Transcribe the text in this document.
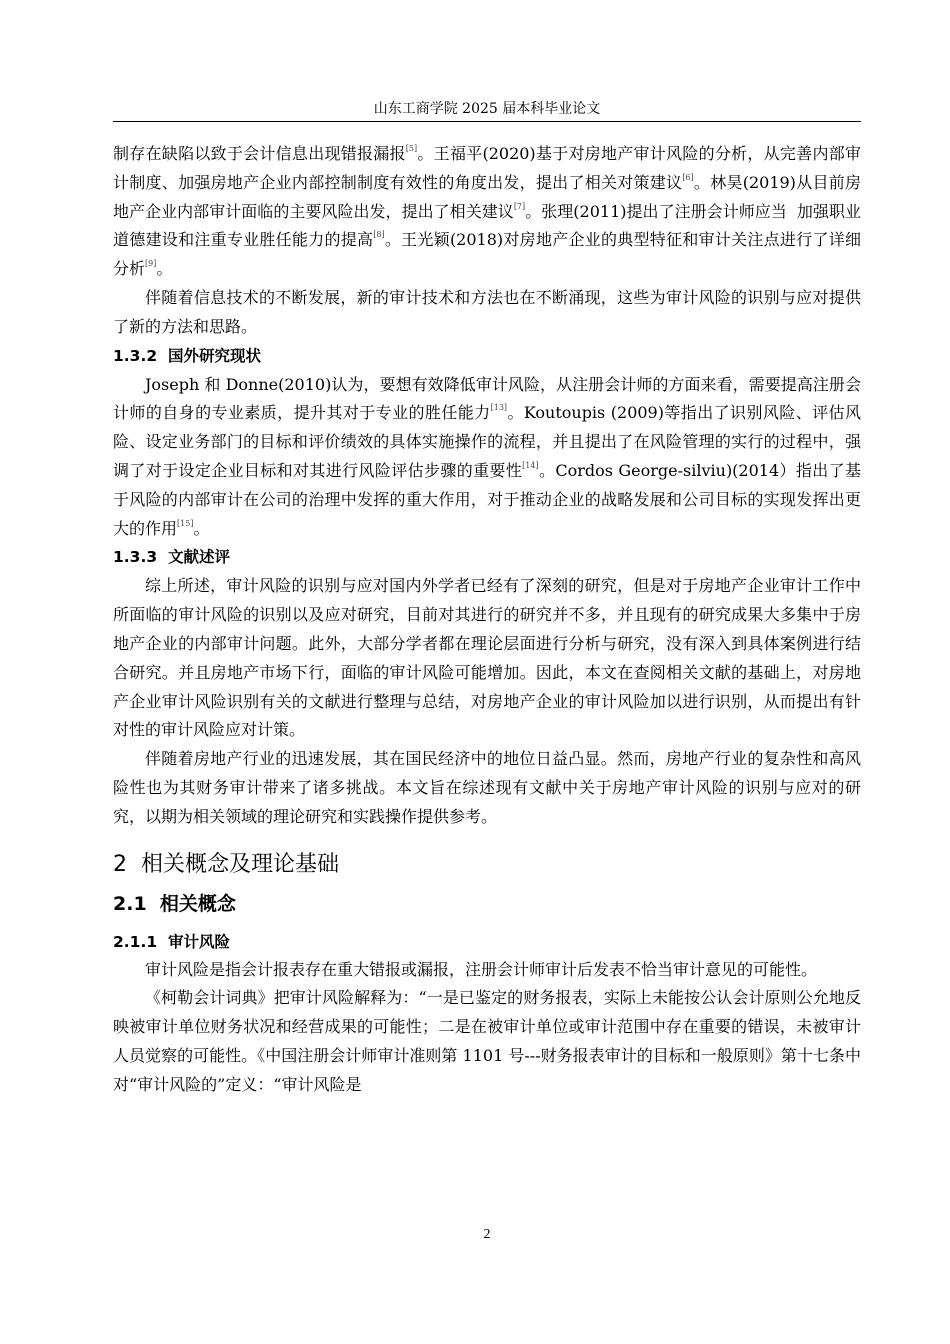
山东工商学院 2025 届本科毕业论文

制存在缺陷以致于会计信息出现错报漏报[5]。王福平(2020)基于对房地产审计风险的分析，从完善内部审计制度、加强房地产企业内部控制制度有效性的角度出发，提出了相关对策建议[6]。林昊(2019)从目前房地产企业内部审计面临的主要风险出发，提出了相关建议[7]。张理(2011)提出了注册会计师应当 加强职业道德建设和注重专业胜任能力的提高[8]。王光颖(2018)对房地产企业的典型特征和审计关注点进行了详细分析[9]。

伴随着信息技术的不断发展，新的审计技术和方法也在不断涌现，这些为审计风险的识别与应对提供了新的方法和思路。

1.3.2 国外研究现状

Joseph 和 Donne(2010)认为，要想有效降低审计风险，从注册会计师的方面来看，需要提高注册会计师的自身的专业素质，提升其对于专业的胜任能力[13]。Koutoupis (2009)等指出了识别风险、评估风险、设定业务部门的目标和评价绩效的具体实施操作的流程，并且提出了在风险管理的实行的过程中，强调了对于设定企业目标和对其进行风险评估步骤的重要性[14]。Cordos George-silviu)(2014）指出了基于风险的内部审计在公司的治理中发挥的重大作用，对于推动企业的战略发展和公司目标的实现发挥出更大的作用[15]。

1.3.3 文献述评

综上所述，审计风险的识别与应对国内外学者已经有了深刻的研究，但是对于房地产企业审计工作中所面临的审计风险的识别以及应对研究，目前对其进行的研究并不多，并且现有的研究成果大多集中于房地产企业的内部审计问题。此外，大部分学者都在理论层面进行分析与研究，没有深入到具体案例进行结合研究。并且房地产市场下行，面临的审计风险可能增加。因此，本文在查阅相关文献的基础上，对房地产企业审计风险识别有关的文献进行整理与总结，对房地产企业的审计风险加以进行识别，从而提出有针对性的审计风险应对计策。

伴随着房地产行业的迅速发展，其在国民经济中的地位日益凸显。然而，房地产行业的复杂性和高风险性也为其财务审计带来了诸多挑战。本文旨在综述现有文献中关于房地产审计风险的识别与应对的研究，以期为相关领域的理论研究和实践操作提供参考。

2 相关概念及理论基础
2.1 相关概念
2.1.1 审计风险

审计风险是指会计报表存在重大错报或漏报，注册会计师审计后发表不恰当审计意见的可能性。

《柯勒会计词典》把审计风险解释为：“一是已鉴定的财务报表，实际上未能按公认会计原则公允地反映被审计单位财务状况和经营成果的可能性；二是在被审计单位或审计范围中存在重要的错误，未被审计人员觉察的可能性。《中国注册会计师审计准则第 1101 号---财务报表审计的目标和一般原则》第十七条中对“审计风险的”定义：“审计风险是

2
